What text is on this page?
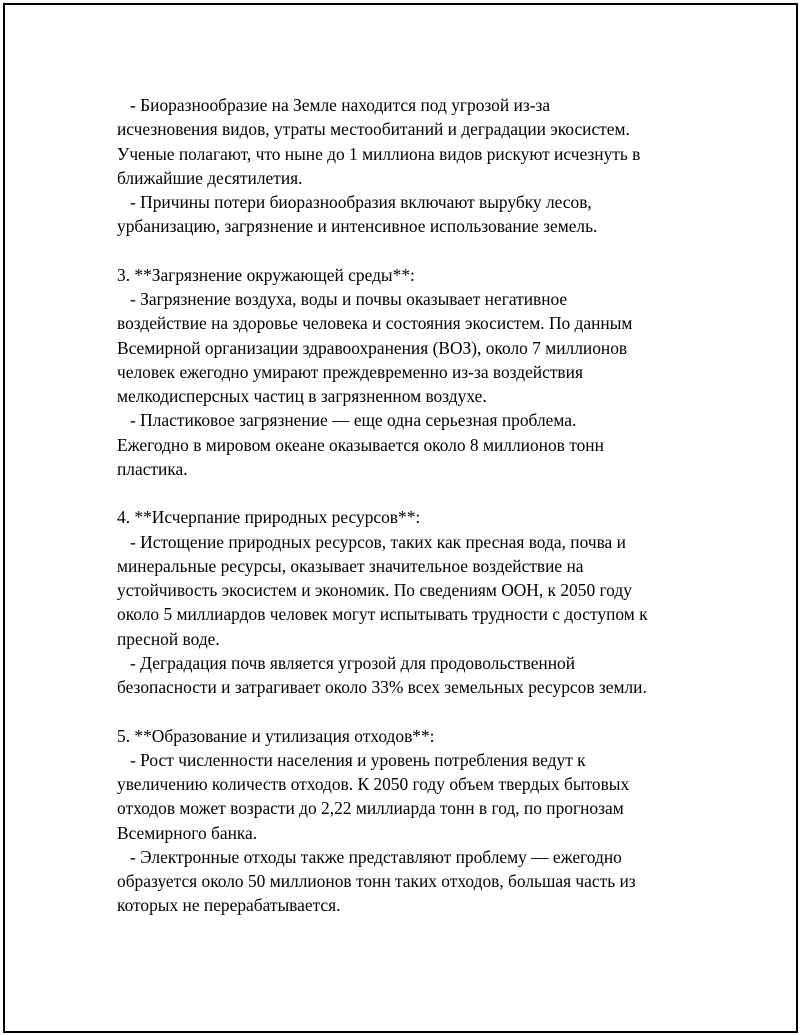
- Биоразнообразие на Земле находится под угрозой из-за
исчезновения видов, утраты местообитаний и деградации экосистем.
Ученые полагают, что ныне до 1 миллиона видов рискуют исчезнуть в
ближайшие десятилетия.
- Причины потери биоразнообразия включают вырубку лесов,
урбанизацию, загрязнение и интенсивное использование земель.
3. **Загрязнение окружающей среды**:
- Загрязнение воздуха, воды и почвы оказывает негативное
воздействие на здоровье человека и состояния экосистем. По данным
Всемирной организации здравоохранения (ВОЗ), около 7 миллионов
человек ежегодно умирают преждевременно из-за воздействия
мелкодисперсных частиц в загрязненном воздухе.
- Пластиковое загрязнение — еще одна серьезная проблема.
Ежегодно в мировом океане оказывается около 8 миллионов тонн
пластика.
4. **Исчерпание природных ресурсов**:
- Истощение природных ресурсов, таких как пресная вода, почва и
минеральные ресурсы, оказывает значительное воздействие на
устойчивость экосистем и экономик. По сведениям ООН, к 2050 году
около 5 миллиардов человек могут испытывать трудности с доступом к
пресной воде.
- Деградация почв является угрозой для продовольственной
безопасности и затрагивает около 33% всех земельных ресурсов земли.
5. **Образование и утилизация отходов**:
- Рост численности населения и уровень потребления ведут к
увеличению количеств отходов. К 2050 году объем твердых бытовых
отходов может возрасти до 2,22 миллиарда тонн в год, по прогнозам
Всемирного банка.
- Электронные отходы также представляют проблему — ежегодно
образуется около 50 миллионов тонн таких отходов, большая часть из
которых не перерабатывается.
